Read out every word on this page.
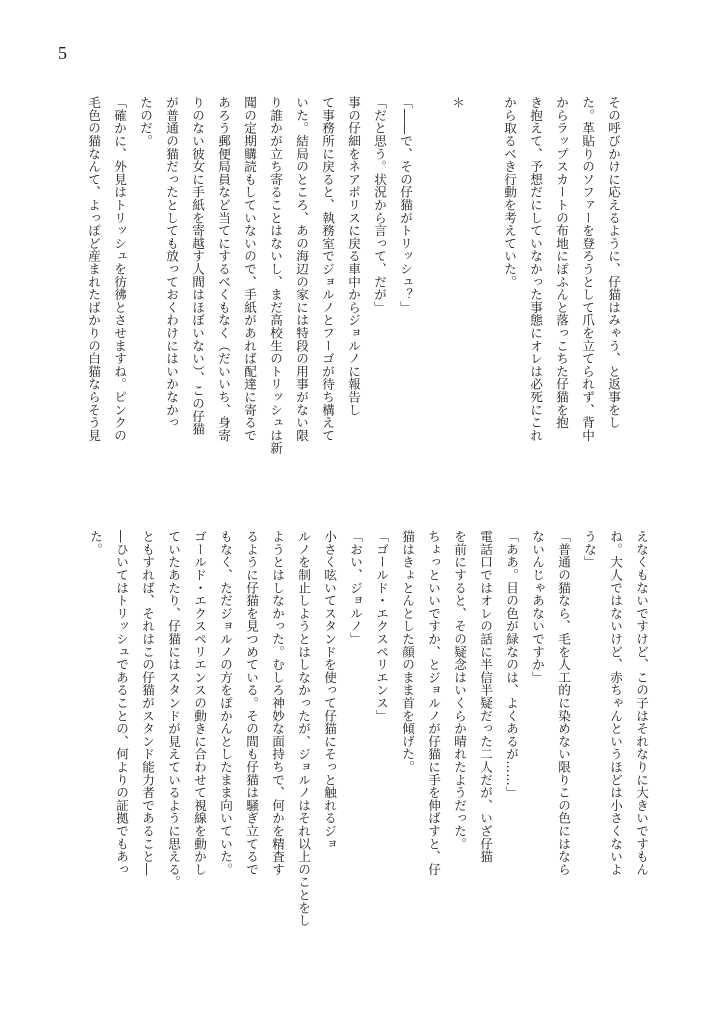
5
その呼びかけに応えるように、仔猫はみゃう、と返事をし
た。革貼りのソファーを登ろうとして爪を立てられず、背中
からラップスカートの布地にぽふんと落っこちた仔猫を抱
き抱えて、予想だにしていなかった事態にオレは必死にこれ
から取るべき行動を考えていた。
＊
「――で、その仔猫がトリッシュ？」
「だと思う。状況から言って、だが」
事の仔細をネアポリスに戻る車中からジョルノに報告し
て事務所に戻ると、執務室でジョルノとフーゴが待ち構えて
いた。結局のところ、あの海辺の家には特段の用事がない限
り誰かが立ち寄ることはないし、まだ高校生のトリッシュは新
聞の定期購読もしていないので、手紙があれば配達に寄るで
あろう郵便局員など当てにするべくもなく（だいいち、身寄
りのない彼女に手紙を寄越す人間はほぼいない）、この仔猫
が普通の猫だったとしても放っておくわけにはいかなかっ
たのだ。
「確かに、外見はトリッシュを彷彿とさせますね。ピンクの
毛色の猫なんて、よっぽど産まれたばかりの白猫ならそう見
えなくもないですけど、この子はそれなりに大きいですもん
ね。大人ではないけど、赤ちゃんというほどは小さくないよ
うな」
「普通の猫なら、毛を人工的に染めない限りこの色にはなら
ないんじゃあないですか」
「ああ。目の色が緑なのは、よくあるが……」
電話口ではオレの話に半信半疑だった二人だが、いざ仔猫
を前にすると、その疑念はいくらか晴れたようだった。
ちょっといいですか、とジョルノが仔猫に手を伸ばすと、仔
猫はきょとんとした顔のまま首を傾げた。
「ゴールド・エクスペリエンス」
「おい、ジョルノ」
小さく呟いてスタンドを使って仔猫にそっと触れるジョ
ルノを制止しようとはしなかったが、ジョルノはそれ以上のことをし
ようとはしなかった。むしろ神妙な面持ちで、何かを精査す
るように仔猫を見つめている。その間も仔猫は騒ぎ立てるで
もなく、ただジョルノの方をぽかんとしたまま向いていた。
ゴールド・エクスペリエンスの動きに合わせて視線を動かし
ていたあたり、仔猫にはスタンドが見えているように思える。
ともすれば、それはこの仔猫がスタンド能力者であること―
―ひいてはトリッシュであることの、何よりの証拠でもあっ
た。
